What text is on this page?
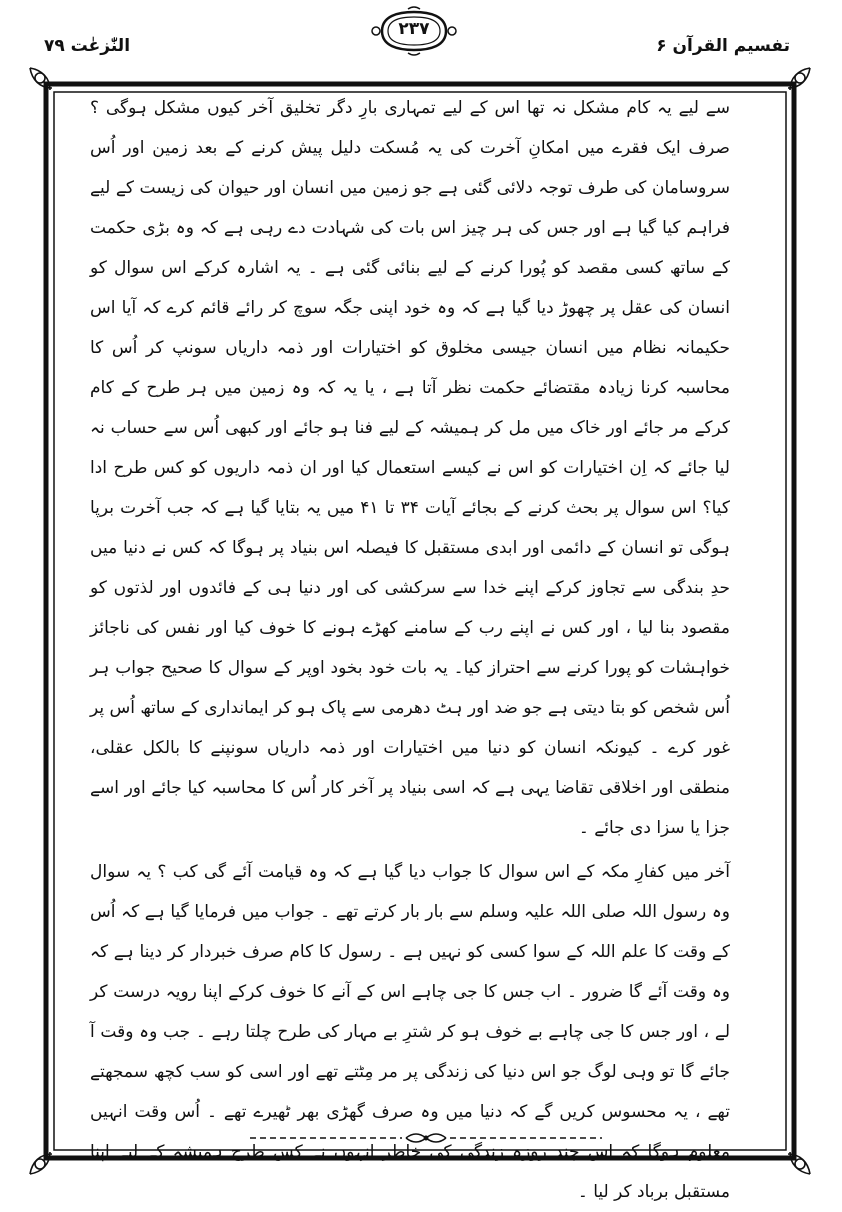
النّٰزعٰت ۷۹
۲۳۷
تفسیم القرآن ۶

سے لیے یہ کام مشکل نہ تھا اس کے لیے تمہاری بارِ دگر تخلیق آخر کیوں مشکل ہوگی ؟ صرف ایک فقرے میں امکانِ آخرت کی یہ مُسکت دلیل پیش کرنے کے بعد زمین اور اُس سروسامان کی طرف توجہ دلائی گئی ہے جو زمین میں انسان اور حیوان کی زیست کے لیے فراہم کیا گیا ہے اور جس کی ہر چیز اس بات کی شہادت دے رہی ہے کہ وہ بڑی حکمت کے ساتھ کسی مقصد کو پُورا کرنے کے لیے بنائی گئی ہے ۔ یہ اشارہ کرکے اس سوال کو انسان کی عقل پر چھوڑ دیا گیا ہے کہ وہ خود اپنی جگہ سوچ کر رائے قائم کرے کہ آیا اس حکیمانہ نظام میں انسان جیسی مخلوق کو اختیارات اور ذمہ داریاں سونپ کر اُس کا محاسبہ کرنا زیادہ مقتضائے حکمت نظر آتا ہے ، یا یہ کہ وہ زمین میں ہر طرح کے کام کرکے مر جائے اور خاک میں مل کر ہمیشہ کے لیے فنا ہو جائے اور کبھی اُس سے حساب نہ لیا جائے کہ اِن اختیارات کو اس نے کیسے استعمال کیا اور ان ذمہ داریوں کو کس طرح ادا کیا؟ اس سوال پر بحث کرنے کے بجائے آیات ۳۴ تا ۴۱ میں یہ بتایا گیا ہے کہ جب آخرت برپا ہوگی تو انسان کے دائمی اور ابدی مستقبل کا فیصلہ اس بنیاد پر ہوگا کہ کس نے دنیا میں حدِ بندگی سے تجاوز کرکے اپنے خدا سے سرکشی کی اور دنیا ہی کے فائدوں اور لذتوں کو مقصود بنا لیا ، اور کس نے اپنے رب کے سامنے کھڑے ہونے کا خوف کیا اور نفس کی ناجائز خواہشات کو پورا کرنے سے احتراز کیا۔ یہ بات خود بخود اوپر کے سوال کا صحیح جواب ہر اُس شخص کو بتا دیتی ہے جو ضد اور ہٹ دھرمی سے پاک ہو کر ایمانداری کے ساتھ اُس پر غور کرے ۔ کیونکہ انسان کو دنیا میں اختیارات اور ذمہ داریاں سونپنے کا بالکل عقلی، منطقی اور اخلاقی تقاضا یہی ہے کہ اسی بنیاد پر آخر کار اُس کا محاسبہ کیا جائے اور اسے جزا یا سزا دی جائے ۔

آخر میں کفارِ مکہ کے اس سوال کا جواب دیا گیا ہے کہ وہ قیامت آئے گی کب ؟ یہ سوال وہ رسول اللہ صلی اللہ علیہ وسلم سے بار بار کرتے تھے ۔ جواب میں فرمایا گیا ہے کہ اُس کے وقت کا علم اللہ کے سوا کسی کو نہیں ہے ۔ رسول کا کام صرف خبردار کر دینا ہے کہ وہ وقت آئے گا ضرور ۔ اب جس کا جی چاہے اس کے آنے کا خوف کرکے اپنا رویہ درست کر لے ، اور جس کا جی چاہے بے خوف ہو کر شترِ بے مہار کی طرح چلتا رہے ۔ جب وہ وقت آ جائے گا تو وہی لوگ جو اس دنیا کی زندگی پر مر مِٹتے تھے اور اسی کو سب کچھ سمجھتے تھے ، یہ محسوس کریں گے کہ دنیا میں وہ صرف گھڑی بھر ٹھیرے تھے ۔ اُس وقت انہیں معلوم ہوگا کہ اس چند روزہ زندگی کی خاطر انہوں نے کس طرح ہمیشہ کے لیے اپنا مستقبل برباد کر لیا ۔
